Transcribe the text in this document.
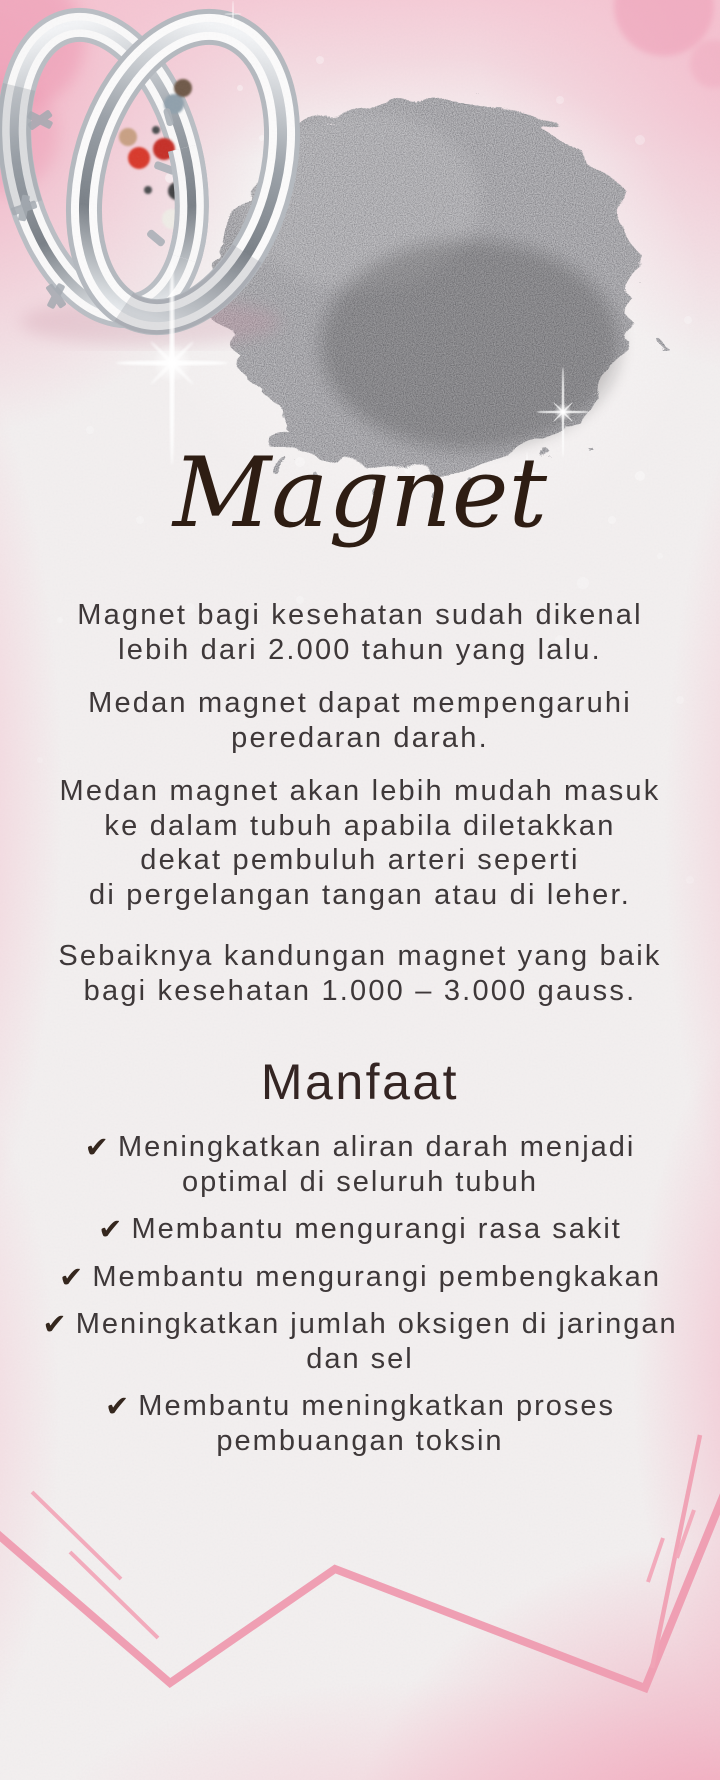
Magnet

Magnet bagi kesehatan sudah dikenal
lebih dari 2.000 tahun yang lalu.

Medan magnet dapat mempengaruhi
peredaran darah.

Medan magnet akan lebih mudah masuk
ke dalam tubuh apabila diletakkan
dekat pembuluh arteri seperti
di pergelangan tangan atau di leher.

Sebaiknya kandungan magnet yang baik
bagi kesehatan 1.000 – 3.000 gauss.

Manfaat
✔ Meningkatkan aliran darah menjadi
optimal di seluruh tubuh
✔ Membantu mengurangi rasa sakit
✔ Membantu mengurangi pembengkakan
✔ Meningkatkan jumlah oksigen di jaringan
dan sel
✔ Membantu meningkatkan proses
pembuangan toksin
